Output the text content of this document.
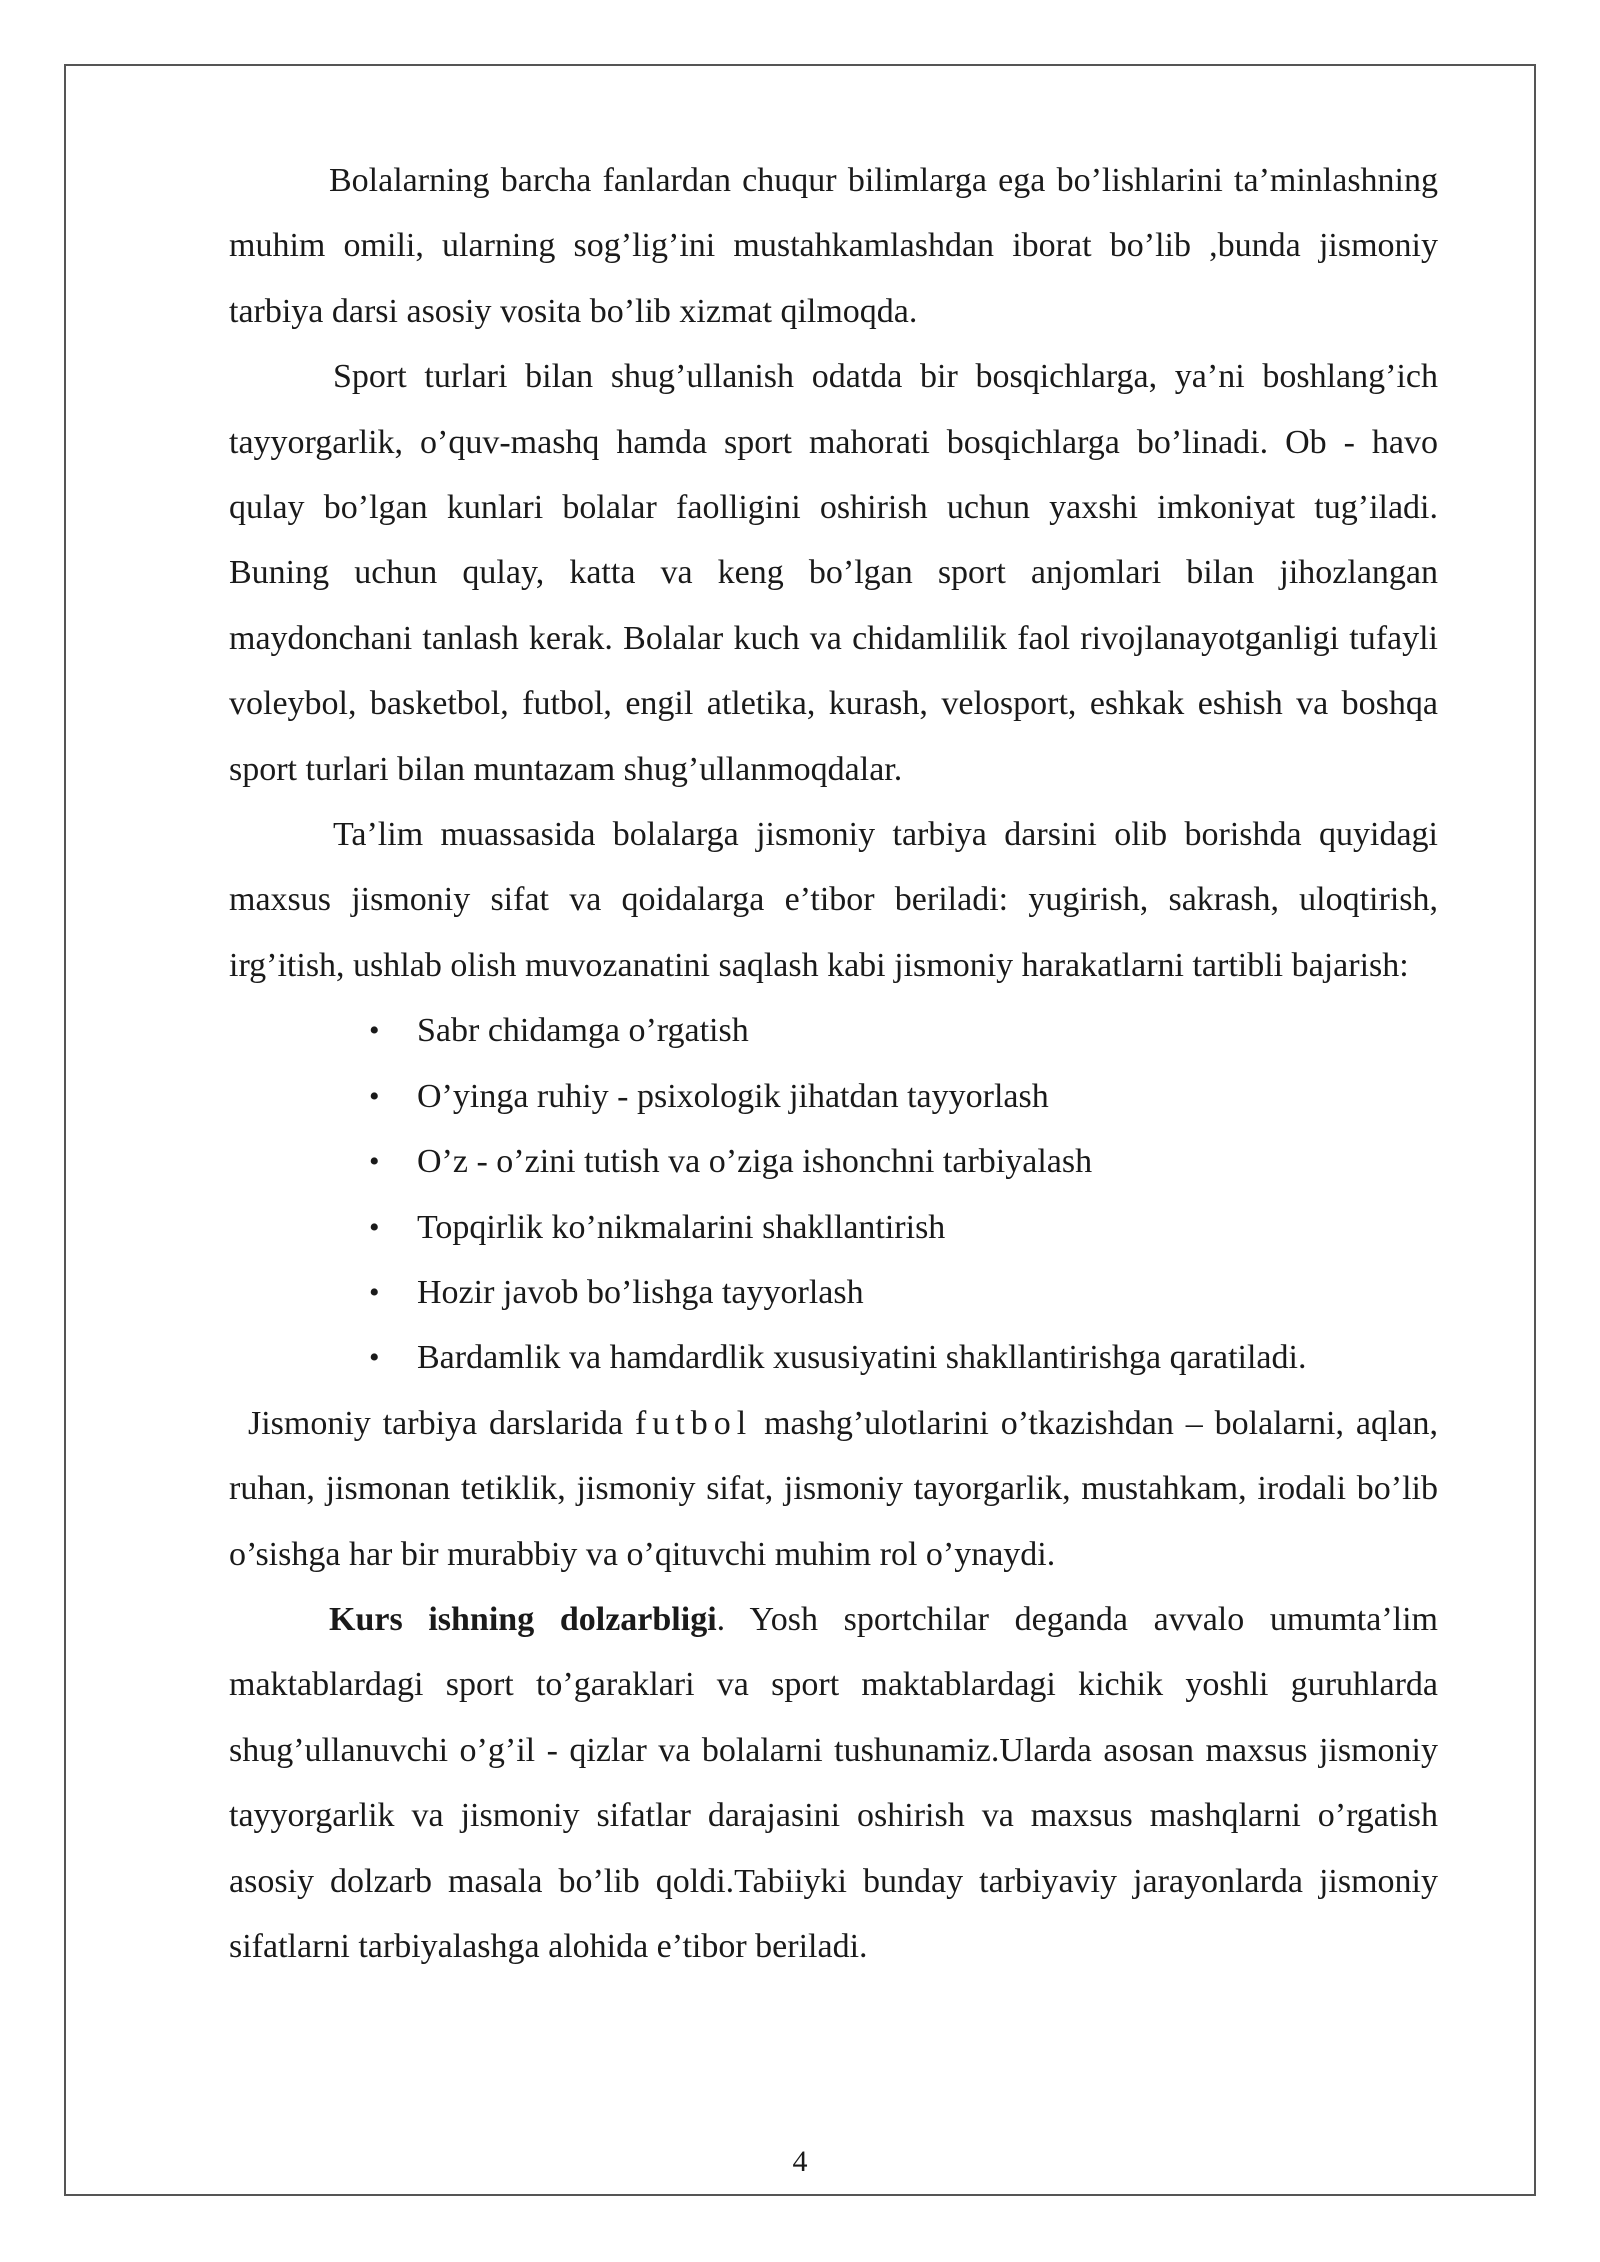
Bolalarning barcha fanlardan chuqur bilimlarga ega bo’lishlarini ta’minlashning muhim omili, ularning sog’lig’ini mustahkamlashdan iborat bo’lib ,bunda jismoniy tarbiya darsi asosiy vosita bo’lib xizmat qilmoqda.

Sport turlari bilan shug’ullanish odatda bir bosqichlarga, ya’ni boshlang’ich tayyorgarlik, o’quv-mashq hamda sport mahorati bosqichlarga bo’linadi. Ob - havo qulay bo’lgan kunlari bolalar faolligini oshirish uchun yaxshi imkoniyat tug’iladi. Buning uchun qulay, katta va keng bo’lgan sport anjomlari bilan jihozlangan maydonchani tanlash kerak. Bolalar kuch va chidamlilik faol rivojlanayotganligi tufayli voleybol, basketbol, futbol, engil atletika, kurash, velosport, eshkak eshish va boshqa sport turlari bilan muntazam shug’ullanmoqdalar.

Ta’lim muassasida bolalarga jismoniy tarbiya darsini olib borishda quyidagi maxsus jismoniy sifat va qoidalarga e’tibor beriladi: yugirish, sakrash, uloqtirish, irg’itish, ushlab olish muvozanatini saqlash kabi jismoniy harakatlarni tartibli bajarish:

• Sabr chidamga o’rgatish
• O’yinga ruhiy - psixologik jihatdan tayyorlash
• O’z - o’zini tutish va o’ziga ishonchni tarbiyalash
• Topqirlik ko’nikmalarini shakllantirish
• Hozir javob bo’lishga tayyorlash
• Bardamlik va hamdardlik xususiyatini shakllantirishga qaratiladi.

Jismoniy tarbiya darslarida futbol mashg’ulotlarini o’tkazishdan – bolalarni, aqlan, ruhan, jismonan tetiklik, jismoniy sifat, jismoniy tayorgarlik, mustahkam, irodali bo’lib o’sishga har bir murabbiy va o’qituvchi muhim rol o’ynaydi.

Kurs ishning dolzarbligi. Yosh sportchilar deganda avvalo umumta’lim maktablardagi sport to’garaklari va sport maktablardagi kichik yoshli guruhlarda shug’ullanuvchi o’g’il - qizlar va bolalarni tushunamiz.Ularda asosan maxsus jismoniy tayyorgarlik va jismoniy sifatlar darajasini oshirish va maxsus mashqlarni o’rgatish asosiy dolzarb masala bo’lib qoldi.Tabiiyki bunday tarbiyaviy jarayonlarda jismoniy sifatlarni tarbiyalashga alohida e’tibor beriladi.

4
